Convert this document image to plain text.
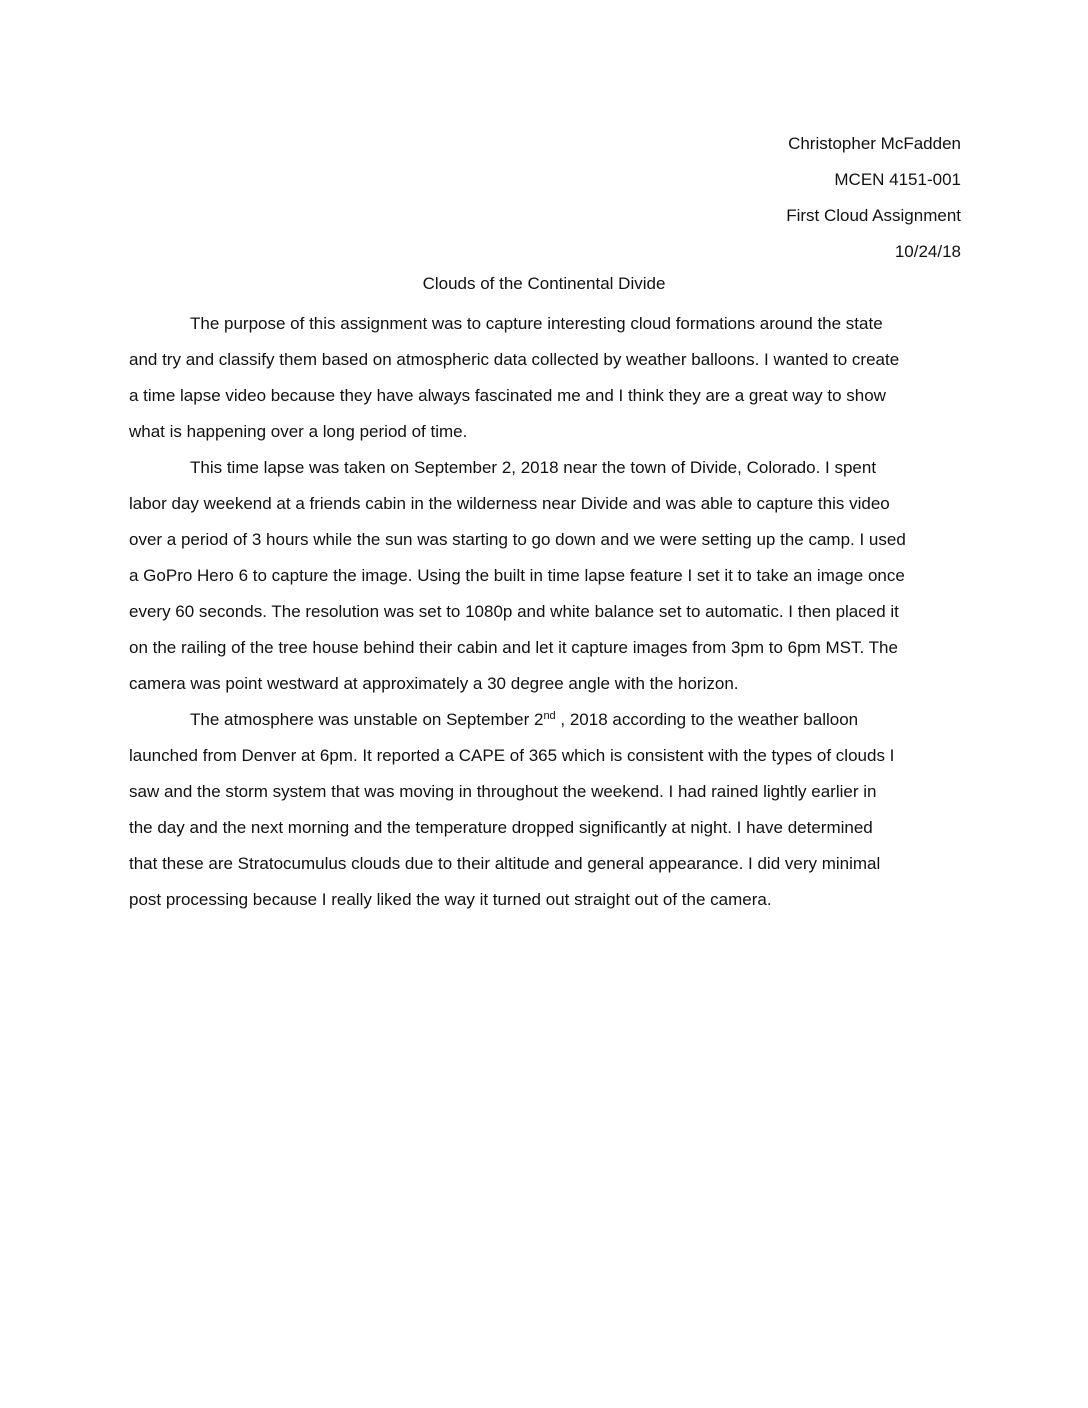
Christopher McFadden
MCEN 4151-001
First Cloud Assignment
10/24/18
Clouds of the Continental Divide
The purpose of this assignment was to capture interesting cloud formations around the state
and try and classify them based on atmospheric data collected by weather balloons. I wanted to create
a time lapse video because they have always fascinated me and I think they are a great way to show
what is happening over a long period of time.
This time lapse was taken on September 2, 2018 near the town of Divide, Colorado. I spent
labor day weekend at a friends cabin in the wilderness near Divide and was able to capture this video
over a period of 3 hours while the sun was starting to go down and we were setting up the camp. I used
a GoPro Hero 6 to capture the image. Using the built in time lapse feature I set it to take an image once
every 60 seconds. The resolution was set to 1080p and white balance set to automatic. I then placed it
on the railing of the tree house behind their cabin and let it capture images from 3pm to 6pm MST. The
camera was point westward at approximately a 30 degree angle with the horizon.
The atmosphere was unstable on September 2nd , 2018 according to the weather balloon
launched from Denver at 6pm. It reported a CAPE of 365 which is consistent with the types of clouds I
saw and the storm system that was moving in throughout the weekend. I had rained lightly earlier in
the day and the next morning and the temperature dropped significantly at night. I have determined
that these are Stratocumulus clouds due to their altitude and general appearance. I did very minimal
post processing because I really liked the way it turned out straight out of the camera.
